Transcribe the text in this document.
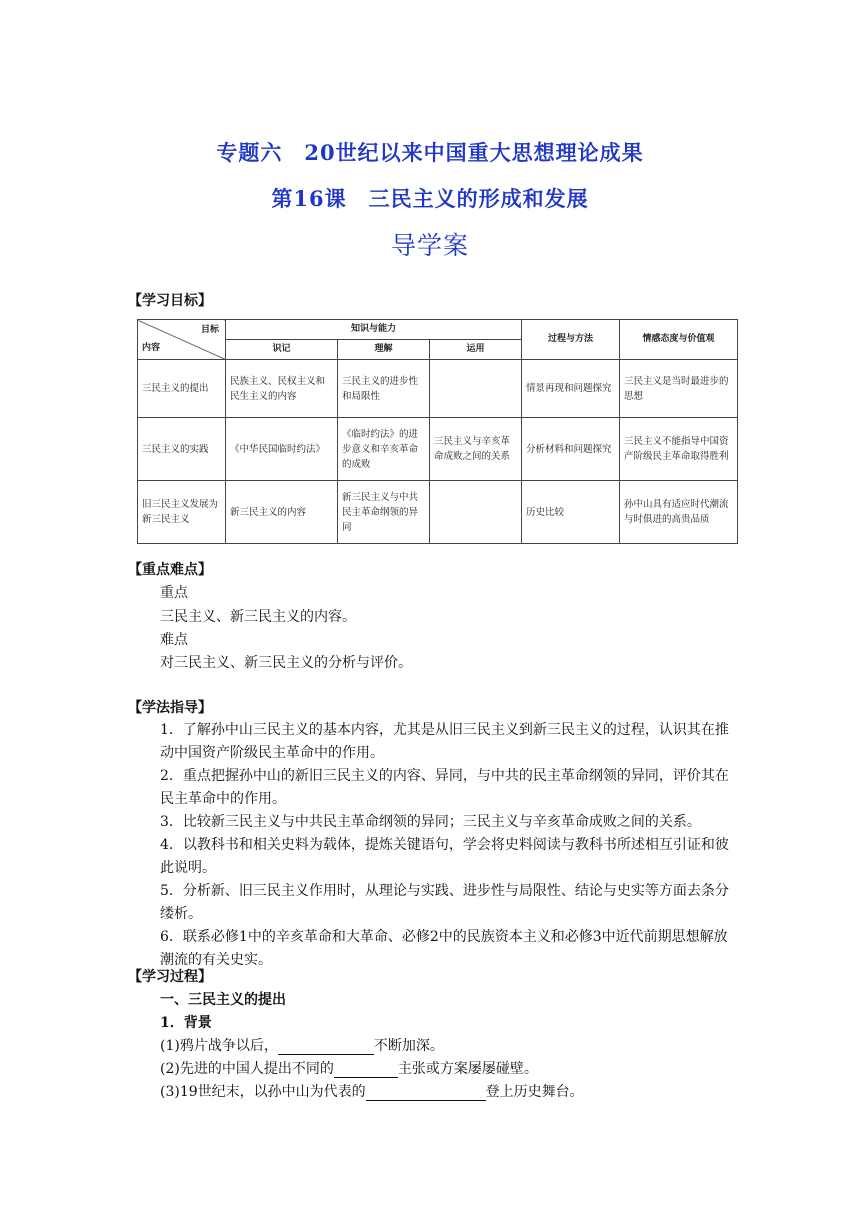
专题六　20世纪以来中国重大思想理论成果
第16课　三民主义的形成和发展
导学案
【学习目标】
目标
内容	知识与能力			过程与方法	情感态度与价值观
	识记	理解	运用		
三民主义的提出	民族主义、民权主义和民生主义的内容	三民主义的进步性和局限性		情景再现和问题探究	三民主义是当时最进步的思想
三民主义的实践	《中华民国临时约法》	《临时约法》的进步意义和辛亥革命的成败	三民主义与辛亥革命成败之间的关系	分析材料和问题探究	三民主义不能指导中国资产阶级民主革命取得胜利
旧三民主义发展为新三民主义	新三民主义的内容	新三民主义与中共民主革命纲领的异同		历史比较	孙中山具有适应时代潮流与时俱进的高贵品质
【重点难点】
重点
三民主义、新三民主义的内容。
难点
对三民主义、新三民主义的分析与评价。
【学法指导】
1．了解孙中山三民主义的基本内容，尤其是从旧三民主义到新三民主义的过程，认识其在推动中国资产阶级民主革命中的作用。
2．重点把握孙中山的新旧三民主义的内容、异同，与中共的民主革命纲领的异同，评价其在民主革命中的作用。
3．比较新三民主义与中共民主革命纲领的异同；三民主义与辛亥革命成败之间的关系。
4．以教科书和相关史料为载体，提炼关键语句，学会将史料阅读与教科书所述相互引证和彼此说明。
5．分析新、旧三民主义作用时，从理论与实践、进步性与局限性、结论与史实等方面去条分缕析。
6．联系必修1中的辛亥革命和大革命、必修2中的民族资本主义和必修3中近代前期思想解放潮流的有关史实。
【学习过程】
一、三民主义的提出
1．背景
(1)鸦片战争以后，	不断加深。
(2)先进的中国人提出不同的	主张或方案屡屡碰壁。
(3)19世纪末，以孙中山为代表的	登上历史舞台。
